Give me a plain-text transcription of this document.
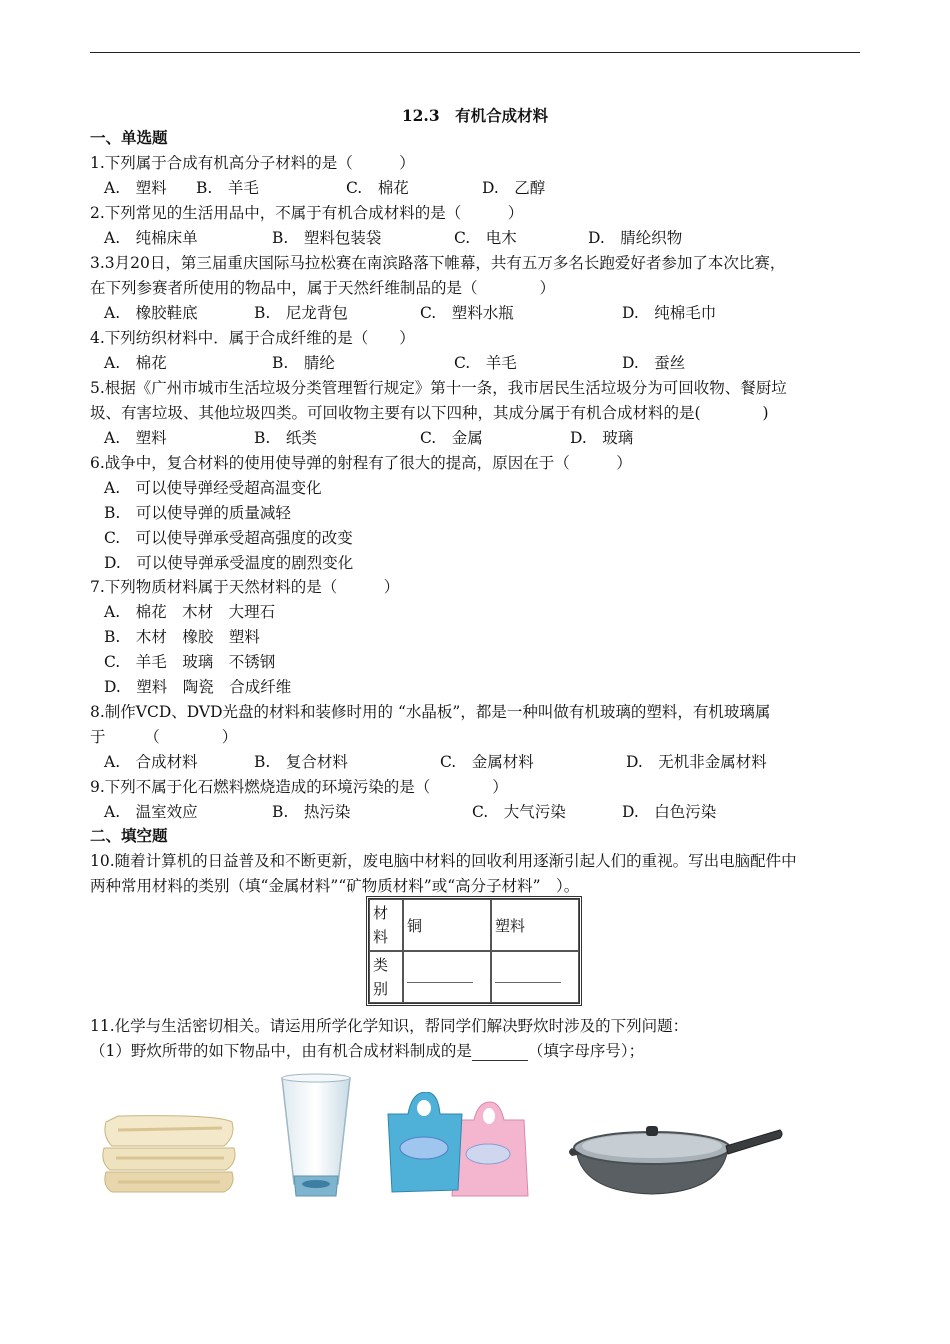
12.3　有机合成材料
一、单选题
1.下列属于合成有机高分子材料的是（　　　）
A.　塑料 B.　羊毛	C.　棉花	D.　乙醇
2.下列常见的生活用品中，不属于有机合成材料的是（　　　）
A.　纯棉床单	B.　塑料包装袋	C.　电木	D.　腈纶织物
3.3月20日，第三届重庆国际马拉松赛在南滨路落下帷幕，共有五万多名长跑爱好者参加了本次比赛，
在下列参赛者所使用的物品中，属于天然纤维制品的是（　　　　）
A.　橡胶鞋底	B.　尼龙背包	C.　塑料水瓶	D.　纯棉毛巾
4.下列纺织材料中．属于合成纤维的是（　　）
A.　棉花	B.　腈纶	C.　羊毛	D.　蚕丝
5.根据《广州市城市生活垃圾分类管理暂行规定》第十一条，我市居民生活垃圾分为可回收物、餐厨垃
圾、有害垃圾、其他垃圾四类。可回收物主要有以下四种，其成分属于有机合成材料的是(　　　　)
A.　塑料	B.　纸类	C.　金属	D.　玻璃
6.战争中，复合材料的使用使导弹的射程有了很大的提高，原因在于（　　　）
A.　可以使导弹经受超高温变化
B.　可以使导弹的质量减轻
C.　可以使导弹承受超高强度的改变
D.　可以使导弹承受温度的剧烈变化
7.下列物质材料属于天然材料的是（　　　）
A.　棉花　木材　大理石
B.　木材　橡胶　塑料
C.　羊毛　玻璃　不锈钢
D.　塑料　陶瓷　合成纤维
8.制作VCD、DVD光盘的材料和装修时用的 “水晶板”，都是一种叫做有机玻璃的塑料，有机玻璃属
于　　　（　　　　）
A.　合成材料	B.　复合材料	C.　金属材料	D.　无机非金属材料
9.下列不属于化石燃料燃烧造成的环境污染的是（　　　　）
A.　温室效应	B.　热污染	C.　大气污染	D.　白色污染
二、填空题
10.随着计算机的日益普及和不断更新，废电脑中材料的回收利用逐渐引起人们的重视。写出电脑配件中
两种常用材料的类别（填“金属材料”“矿物质材料”或“高分子材料”　）。
材料	铜	塑料
类别		
11.化学与生活密切相关。请运用所学化学知识，帮同学们解决野炊时涉及的下列问题：
（1）野炊所带的如下物品中，由有机合成材料制成的是	（填字母序号）；
